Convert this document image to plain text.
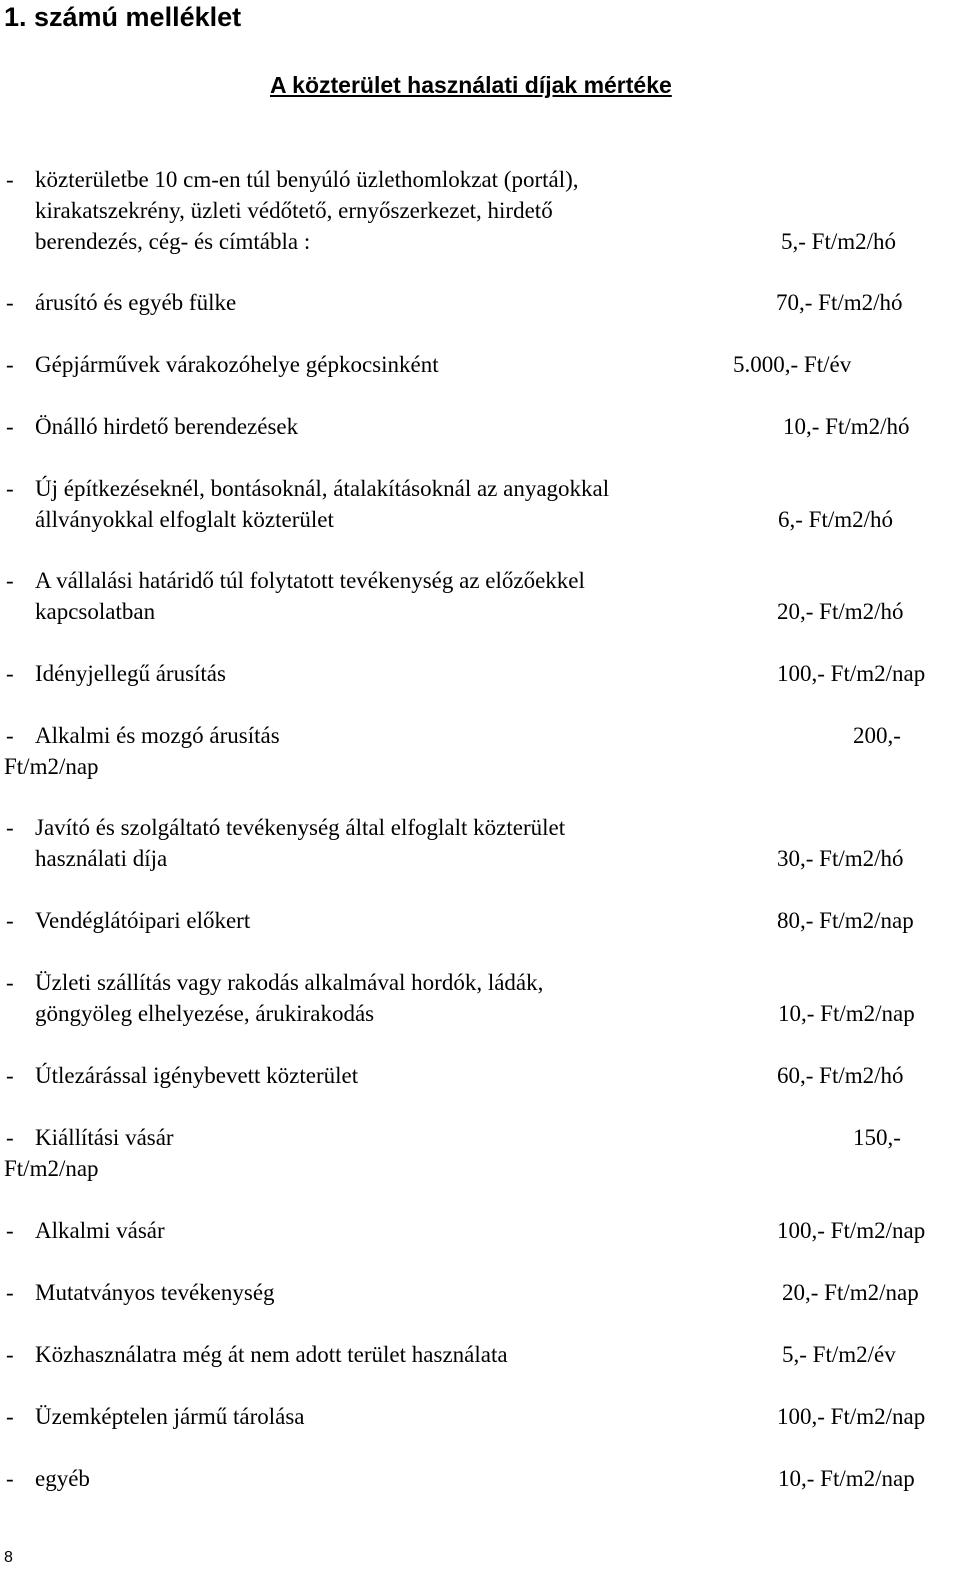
1. számú melléklet
A közterület használati díjak mértéke
- közterületbe 10 cm-en túl benyúló üzlethomlokzat (portál),
kirakatszekrény, üzleti védőtető, ernyőszerkezet, hirdető
berendezés, cég- és címtábla :	5,- Ft/m2/hó
- árusító és egyéb fülke	70,- Ft/m2/hó
- Gépjárművek várakozóhelye gépkocsinként	5.000,- Ft/év
- Önálló hirdető berendezések	10,- Ft/m2/hó
- Új építkezéseknél, bontásoknál, átalakításoknál az anyagokkal
állványokkal elfoglalt közterület	6,- Ft/m2/hó
- A vállalási határidő túl folytatott tevékenység az előzőekkel
kapcsolatban	20,- Ft/m2/hó
- Idényjellegű árusítás	100,- Ft/m2/nap
- Alkalmi és mozgó árusítás	200,-
Ft/m2/nap
- Javító és szolgáltató tevékenység által elfoglalt közterület
használati díja	30,- Ft/m2/hó
- Vendéglátóipari előkert	80,- Ft/m2/nap
- Üzleti szállítás vagy rakodás alkalmával hordók, ládák,
göngyöleg elhelyezése, árukirakodás	10,- Ft/m2/nap
- Útlezárással igénybevett közterület	60,- Ft/m2/hó
- Kiállítási vásár	150,-
Ft/m2/nap
- Alkalmi vásár	100,- Ft/m2/nap
- Mutatványos tevékenység	20,- Ft/m2/nap
- Közhasználatra még át nem adott terület használata	5,- Ft/m2/év
- Üzemképtelen jármű tárolása	100,- Ft/m2/nap
- egyéb	10,- Ft/m2/nap
8
